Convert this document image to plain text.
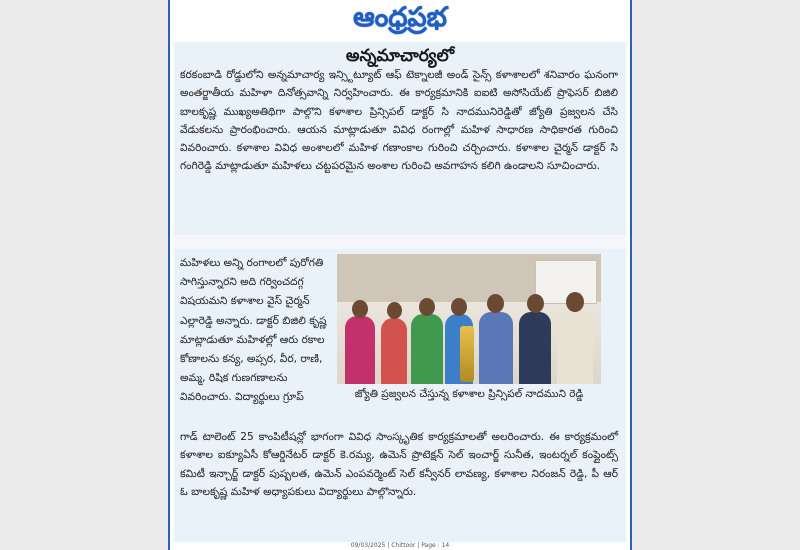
ఆంధ్రప్రభ
అన్నమాచార్యలో
కరకంబాడి రోడ్డులోని అన్నమాచార్య ఇన్స్టిట్యూట్ ఆఫ్ టెక్నాలజీ అండ్ సైన్స్ కళాశాలలో శనివారం ఘనంగా అంతర్జాతీయ మహిళా దినోత్సవాన్ని నిర్వహించారు. ఈ కార్యక్రమానికి ఐఐటి అసోసియేట్ ప్రొఫెసర్ బిజిలి బాలకృష్ణ ముఖ్యఅతిథిగా పాల్గొని కళాశాల ప్రిన్సిపల్ డాక్టర్ సి నాదమునిరెడ్డితో జ్యోతి ప్రజ్వలన చేసి వేడుకలను ప్రారంభించారు. ఆయన మాట్లాడుతూ వివిధ రంగాల్లో మహిళ సాధారణ సాధికారత గురించి వివరించారు. కళాశాల వివిధ అంశాలలో మహిళ గణాంకాల గురించి చర్చించారు. కళాశాల చైర్మన్ డాక్టర్ సి గంగిరెడ్డి మాట్లాడుతూ మహిళలు చట్టపరమైన అంశాల గురించి అవగాహన కలిగి ఉండాలని సూచించారు.
మహిళలు అన్ని రంగాలలో పురోగతి సాగిస్తున్నారని అది గర్వించదగ్గ విషయమని కళాశాల వైస్ చైర్మన్ ఎల్లారెడ్డి అన్నారు. డాక్టర్ బిజిలి కృష్ణ మాట్లాడుతూ మహిళల్లో ఆరు రకాల కోణాలను కన్య, అప్సర, వీర, రాణి, అమ్మ, రిషిక గుణగణాలను వివరించారు. విద్యార్థులు గ్రూప్	జ్యోతి ప్రజ్వలన చేస్తున్న కళాశాల ప్రిన్సిపల్ నాదముని రెడ్డి
గాడ్ టాలెంట్ 25 కాంపిటీషన్లో భాగంగా వివిధ సాంస్కృతిక కార్యక్రమాలతో అలరించారు. ఈ కార్యక్రమంలో కళాశాల ఐక్యూఏసీ కోఆర్డినేటర్ డాక్టర్ కె.రమ్య, ఉమెన్ ప్రొటెక్షన్ సెల్ ఇంచార్జ్ సునీత, ఇంటర్నల్ కంప్లైంట్స్ కమిటీ ఇన్చార్జ్ డాక్టర్ పుష్పలత, ఉమెన్ ఎంపవర్మెంట్ సెల్ కన్వీనర్ లావణ్య, కళాశాల నిరంజన్ రెడ్డి, పీ ఆర్ ఓ బాలకృష్ణ మహిళ అధ్యాపకులు విద్యార్థులు పాల్గొన్నారు.
09/03/2025 | Chittoor | Page : 14
